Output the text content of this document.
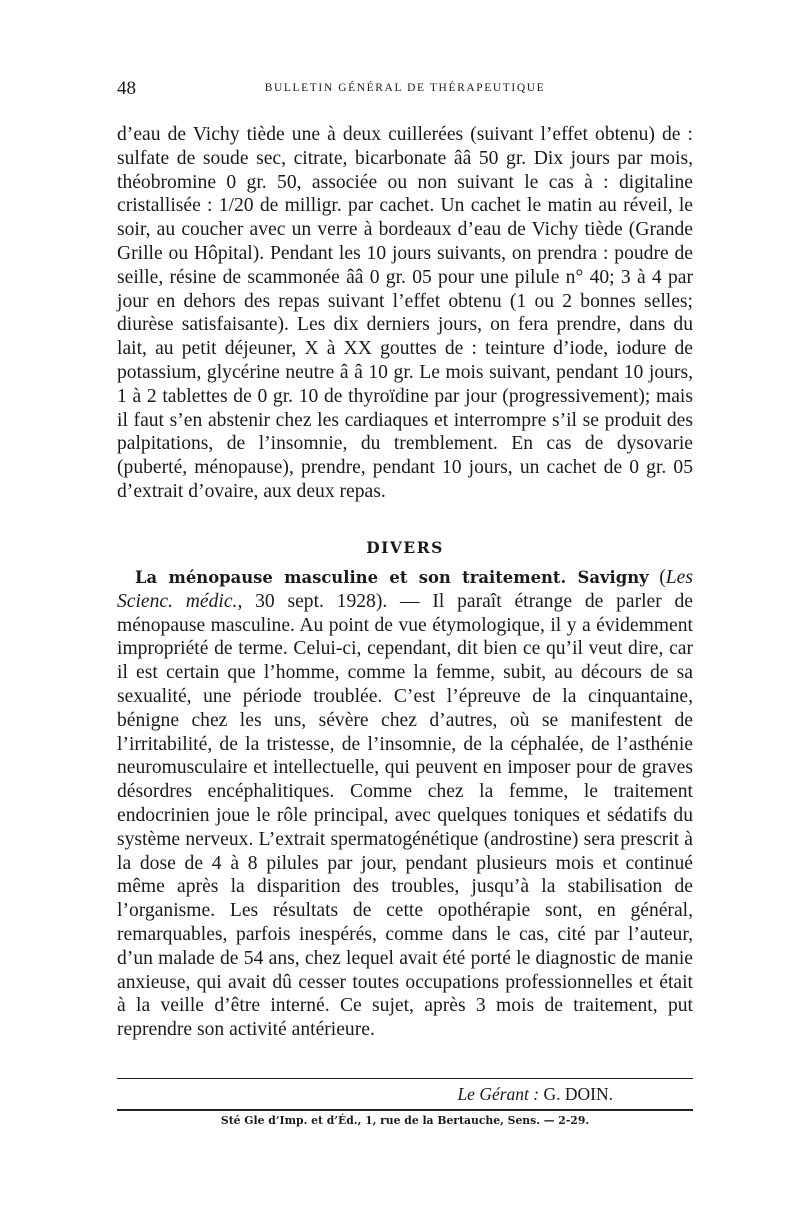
48	BULLETIN GÉNÉRAL DE THÉRAPEUTIQUE

d’eau de Vichy tiède une à deux cuillerées (suivant l’effet obtenu) de : sulfate de soude sec, citrate, bicarbonate ââ 50 gr. Dix jours par mois, théobromine 0 gr. 50, associée ou non suivant le cas à : digitaline cristallisée : 1/20 de milligr. par cachet. Un cachet le matin au réveil, le soir, au coucher avec un verre à bordeaux d’eau de Vichy tiède (Grande Grille ou Hôpital). Pendant les 10 jours suivants, on prendra : poudre de seille, résine de scammonée ââ 0 gr. 05 pour une pilule n° 40; 3 à 4 par jour en dehors des repas suivant l’effet obtenu (1 ou 2 bonnes selles; diurèse satisfaisante). Les dix derniers jours, on fera prendre, dans du lait, au petit déjeuner, X à XX gouttes de : teinture d’iode, iodure de potassium, glycérine neutre â â 10 gr. Le mois suivant, pendant 10 jours, 1 à 2 tablettes de 0 gr. 10 de thyroïdine par jour (progressivement); mais il faut s’en abstenir chez les cardiaques et interrompre s’il se produit des palpitations, de l’insomnie, du tremblement. En cas de dysovarie (puberté, ménopause), prendre, pendant 10 jours, un cachet de 0 gr. 05 d’extrait d’ovaire, aux deux repas.

DIVERS

La ménopause masculine et son traitement. Savigny (Les Scienc. médic., 30 sept. 1928). — Il paraît étrange de parler de ménopause masculine. Au point de vue étymologique, il y a évidemment impropriété de terme. Celui-ci, cependant, dit bien ce qu’il veut dire, car il est certain que l’homme, comme la femme, subit, au décours de sa sexualité, une période troublée. C’est l’épreuve de la cinquantaine, bénigne chez les uns, sévère chez d’autres, où se manifestent de l’irritabilité, de la tristesse, de l’insomnie, de la céphalée, de l’asthénie neuromusculaire et intellectuelle, qui peuvent en imposer pour de graves désordres encéphalitiques. Comme chez la femme, le traitement endocrinien joue le rôle principal, avec quelques toniques et sédatifs du système nerveux. L’extrait spermatogénétique (androstine) sera prescrit à la dose de 4 à 8 pilules par jour, pendant plusieurs mois et continué même après la disparition des troubles, jusqu’à la stabilisation de l’organisme. Les résultats de cette opothérapie sont, en général, remarquables, parfois inespérés, comme dans le cas, cité par l’auteur, d’un malade de 54 ans, chez lequel avait été porté le diagnostic de manie anxieuse, qui avait dû cesser toutes occupations professionnelles et était à la veille d’être interné. Ce sujet, après 3 mois de traitement, put reprendre son activité antérieure.

Le Gérant : G. DOIN.
Sté Gle d’Imp. et d’Éd., 1, rue de la Bertauche, Sens. — 2-29.
